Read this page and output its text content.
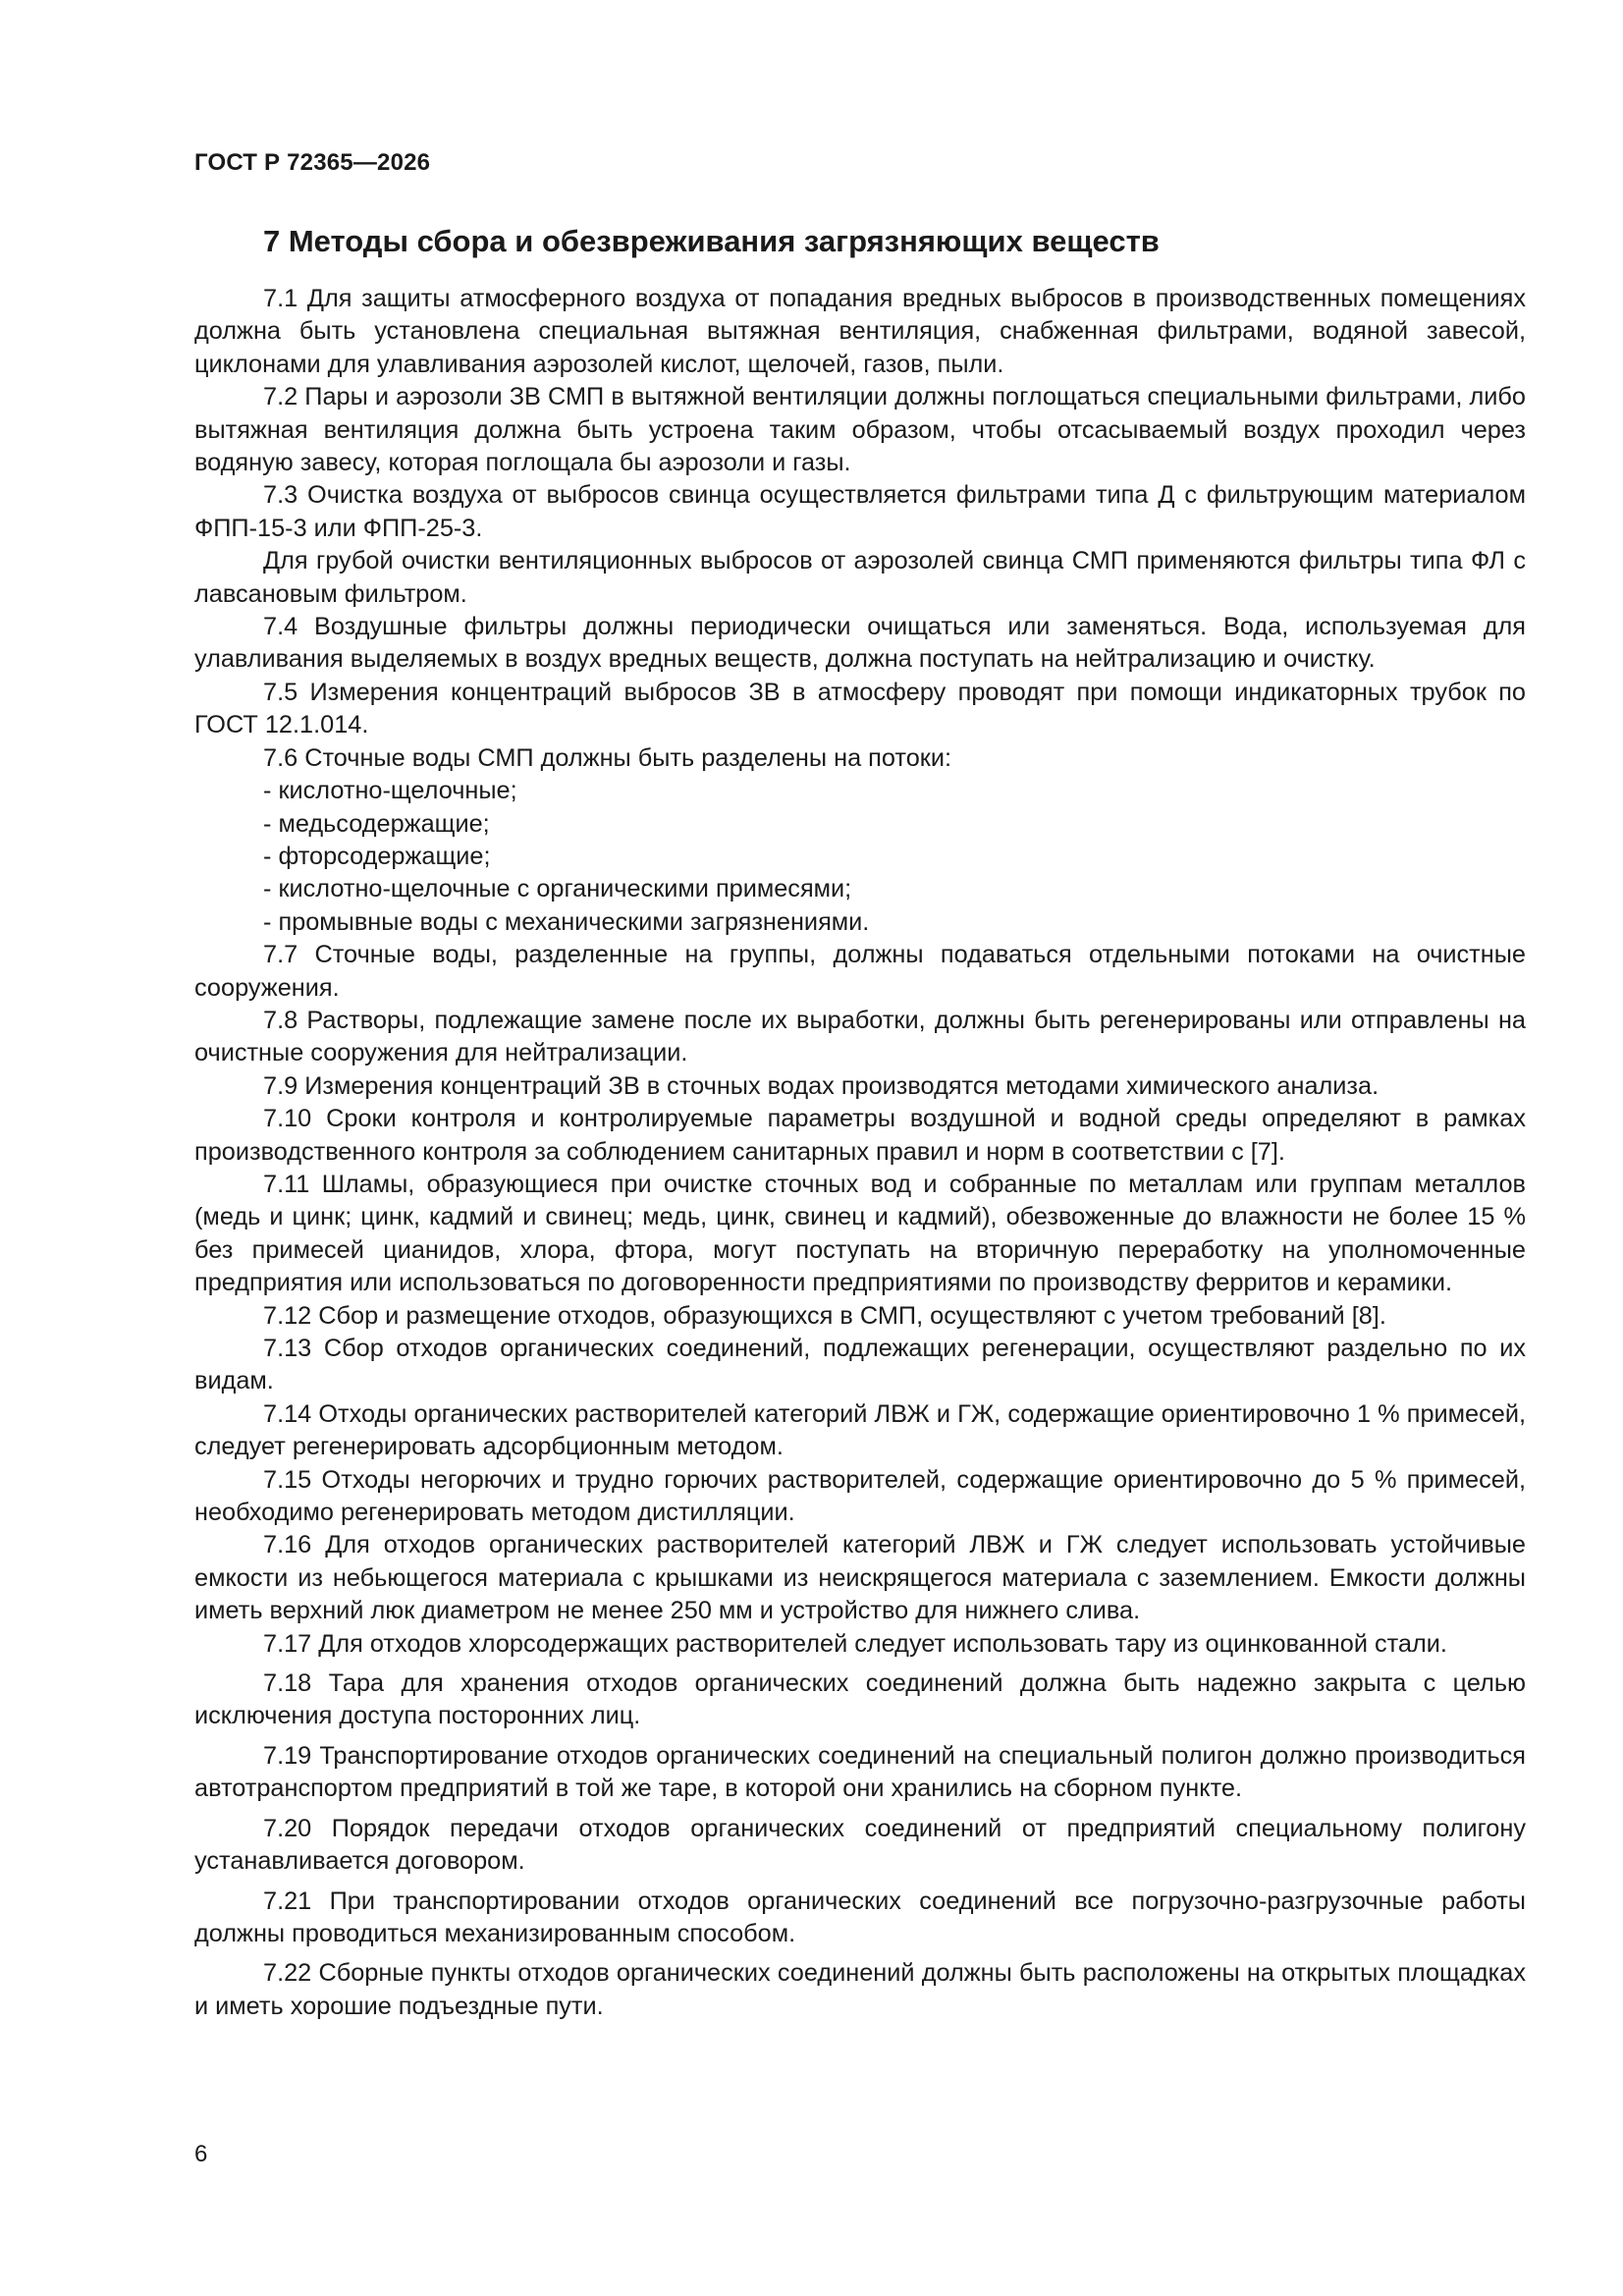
ГОСТ Р 72365—2026
7 Методы сбора и обезвреживания загрязняющих веществ

7.1 Для защиты атмосферного воздуха от попадания вредных выбросов в производственных помещениях должна быть установлена специальная вытяжная вентиляция, снабженная фильтрами, водяной завесой, циклонами для улавливания аэрозолей кислот, щелочей, газов, пыли.

7.2 Пары и аэрозоли ЗВ СМП в вытяжной вентиляции должны поглощаться специальными фильтрами, либо вытяжная вентиляция должна быть устроена таким образом, чтобы отсасываемый воздух проходил через водяную завесу, которая поглощала бы аэрозоли и газы.

7.3 Очистка воздуха от выбросов свинца осуществляется фильтрами типа Д с фильтрующим материалом ФПП-15-3 или ФПП-25-3.

Для грубой очистки вентиляционных выбросов от аэрозолей свинца СМП применяются фильтры типа ФЛ с лавсановым фильтром.

7.4 Воздушные фильтры должны периодически очищаться или заменяться. Вода, используемая для улавливания выделяемых в воздух вредных веществ, должна поступать на нейтрализацию и очистку.

7.5 Измерения концентраций выбросов ЗВ в атмосферу проводят при помощи индикаторных трубок по ГОСТ 12.1.014.

7.6 Сточные воды СМП должны быть разделены на потоки:

- кислотно-щелочные;
- медьсодержащие;
- фторсодержащие;
- кислотно-щелочные с органическими примесями;
- промывные воды с механическими загрязнениями.

7.7 Сточные воды, разделенные на группы, должны подаваться отдельными потоками на очистные сооружения.

7.8 Растворы, подлежащие замене после их выработки, должны быть регенерированы или отправлены на очистные сооружения для нейтрализации.

7.9 Измерения концентраций ЗВ в сточных водах производятся методами химического анализа.

7.10 Сроки контроля и контролируемые параметры воздушной и водной среды определяют в рамках производственного контроля за соблюдением санитарных правил и норм в соответствии с [7].

7.11 Шламы, образующиеся при очистке сточных вод и собранные по металлам или группам металлов (медь и цинк; цинк, кадмий и свинец; медь, цинк, свинец и кадмий), обезвоженные до влажности не более 15 % без примесей цианидов, хлора, фтора, могут поступать на вторичную переработку на уполномоченные предприятия или использоваться по договоренности предприятиями по производству ферритов и керамики.

7.12 Сбор и размещение отходов, образующихся в СМП, осуществляют с учетом требований [8].

7.13 Сбор отходов органических соединений, подлежащих регенерации, осуществляют раздельно по их видам.

7.14 Отходы органических растворителей категорий ЛВЖ и ГЖ, содержащие ориентировочно 1 % примесей, следует регенерировать адсорбционным методом.

7.15 Отходы негорючих и трудно горючих растворителей, содержащие ориентировочно до 5 % примесей, необходимо регенерировать методом дистилляции.

7.16 Для отходов органических растворителей категорий ЛВЖ и ГЖ следует использовать устойчивые емкости из небьющегося материала с крышками из неискрящегося материала с заземлением. Емкости должны иметь верхний люк диаметром не менее 250 мм и устройство для нижнего слива.

7.17 Для отходов хлорсодержащих растворителей следует использовать тару из оцинкованной стали.

7.18 Тара для хранения отходов органических соединений должна быть надежно закрыта с целью исключения доступа посторонних лиц.

7.19 Транспортирование отходов органических соединений на специальный полигон должно производиться автотранспортом предприятий в той же таре, в которой они хранились на сборном пункте.

7.20 Порядок передачи отходов органических соединений от предприятий специальному полигону устанавливается договором.

7.21 При транспортировании отходов органических соединений все погрузочно-разгрузочные работы должны проводиться механизированным способом.

7.22 Сборные пункты отходов органических соединений должны быть расположены на открытых площадках и иметь хорошие подъездные пути.

6
